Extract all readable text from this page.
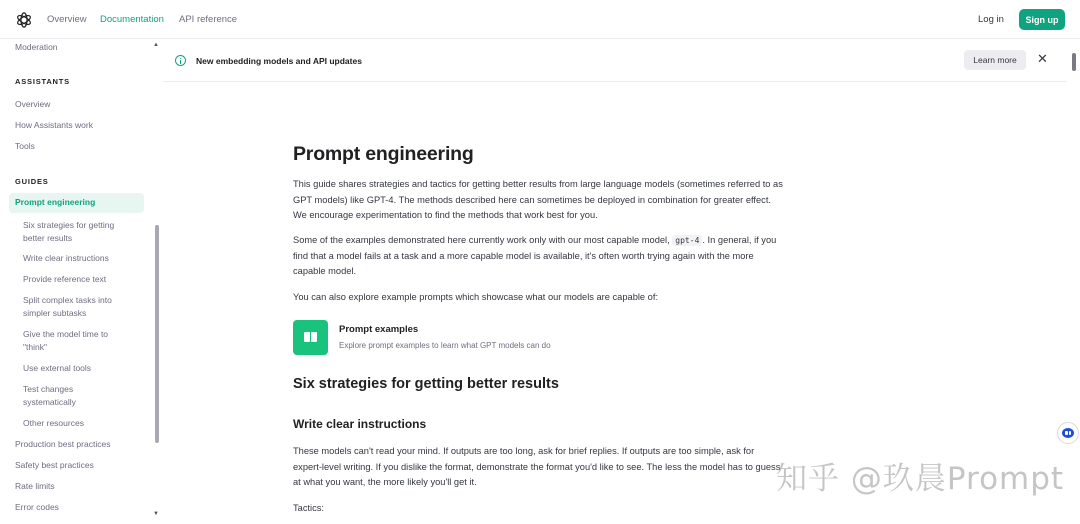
Overview Documentation API reference	Log in	Sign up
Moderation
ASSISTANTS
Overview
How Assistants work
Tools
GUIDES
Prompt engineering
Six strategies for getting
better results
Write clear instructions
Provide reference text
Split complex tasks into
simpler subtasks
Give the model time to
"think"
Use external tools
Test changes
systematically
Other resources
Production best practices
Safety best practices
Rate limits
Error codes
▲
▼
New embedding models and API updates	Learn more	✕
Prompt engineering

This guide shares strategies and tactics for getting better results from large language models (sometimes referred to as GPT models) like GPT-4. The methods described here can sometimes be deployed in combination for greater effect. We encourage experimentation to find the methods that work best for you.

Some of the examples demonstrated here currently work only with our most capable model, gpt-4 . In general, if you find that a model fails at a task and a more capable model is available, it's often worth trying again with the more capable model.

You can also explore example prompts which showcase what our models are capable of:

Prompt examples
Explore prompt examples to learn what GPT models can do
Six strategies for getting better results
Write clear instructions

These models can't read your mind. If outputs are too long, ask for brief replies. If outputs are too simple, ask for expert-level writing. If you dislike the format, demonstrate the format you'd like to see. The less the model has to guess at what you want, the more likely you'll get it.

Tactics:

知乎 @玖晨Prompt
